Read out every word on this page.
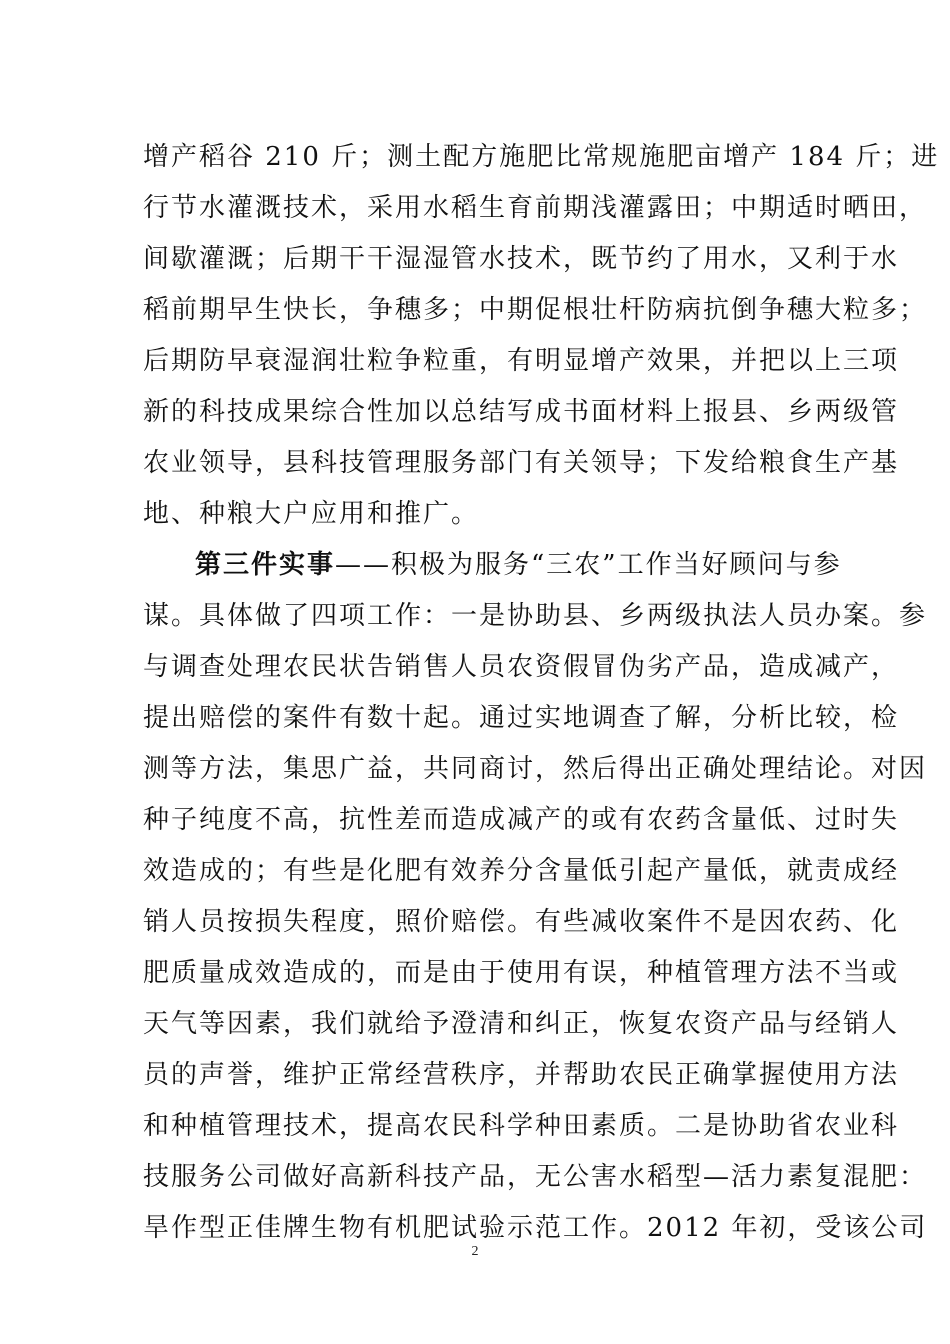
增产稻谷 210 斤；测土配方施肥比常规施肥亩增产 184 斤；进
行节水灌溉技术，采用水稻生育前期浅灌露田；中期适时晒田，
间歇灌溉；后期干干湿湿管水技术，既节约了用水，又利于水
稻前期早生快长，争穗多；中期促根壮杆防病抗倒争穗大粒多；
后期防早衰湿润壮粒争粒重，有明显增产效果，并把以上三项
新的科技成果综合性加以总结写成书面材料上报县、乡两级管
农业领导，县科技管理服务部门有关领导；下发给粮食生产基
地、种粮大户应用和推广。
第三件实事——积极为服务“三农”工作当好顾问与参
谋。具体做了四项工作：一是协助县、乡两级执法人员办案。参
与调查处理农民状告销售人员农资假冒伪劣产品，造成减产，
提出赔偿的案件有数十起。通过实地调查了解，分析比较，检
测等方法，集思广益，共同商讨，然后得出正确处理结论。对因
种子纯度不高，抗性差而造成减产的或有农药含量低、过时失
效造成的；有些是化肥有效养分含量低引起产量低，就责成经
销人员按损失程度，照价赔偿。有些减收案件不是因农药、化
肥质量成效造成的，而是由于使用有误，种植管理方法不当或
天气等因素，我们就给予澄清和纠正，恢复农资产品与经销人
员的声誉，维护正常经营秩序，并帮助农民正确掌握使用方法
和种植管理技术，提高农民科学种田素质。二是协助省农业科
技服务公司做好高新科技产品，无公害水稻型—活力素复混肥：
旱作型正佳牌生物有机肥试验示范工作。2012 年初，受该公司
2
